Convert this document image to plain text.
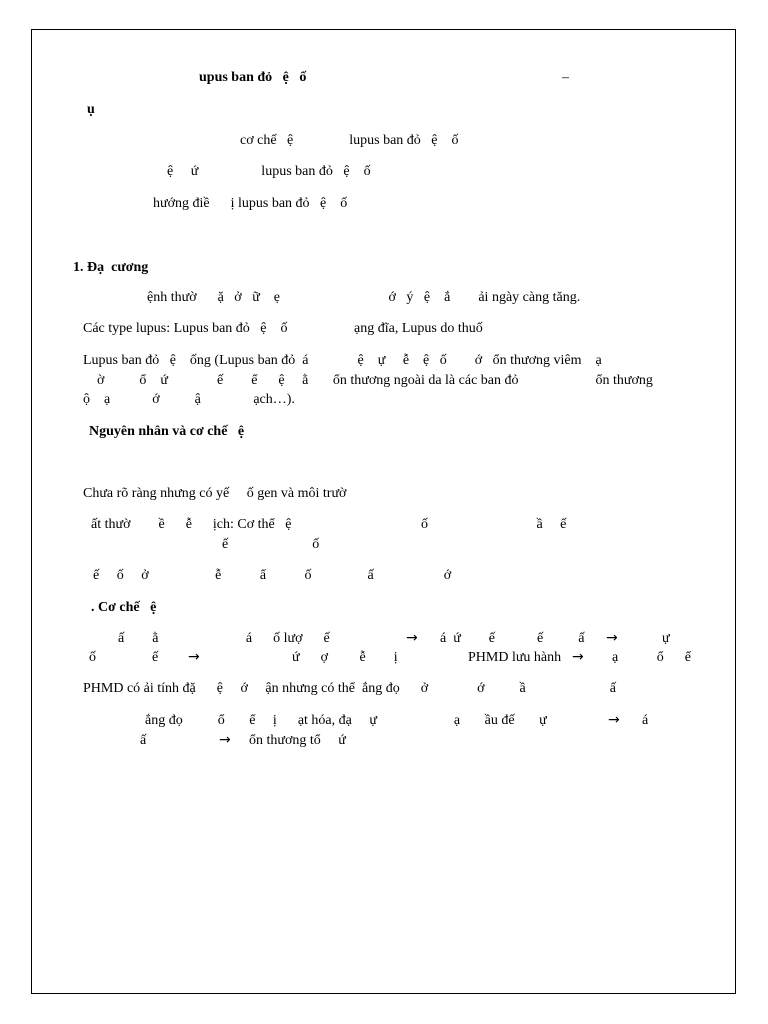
upus ban đỏ   ệ   ố	–
ụ
cơ chế   ệ                lupus ban đỏ   ệ    ố
ệ     ứ                  lupus ban đỏ   ệ    ố
hướng điề      ị lupus ban đỏ   ệ    ố
1. Đạ  cương
ệnh thườ      ặ   ở   ữ    ẹ                               ớ   ý   ệ    ắ        ải ngày càng tăng.
Các type lupus: Lupus ban đỏ   ệ    ố                   ạng đĩa, Lupus do thuố
Lupus ban đỏ   ệ    ống (Lupus ban đỏ  á              ệ    ự     ễ    ệ   ố        ớ   ổn thương viêm    ạ
ờ          ổ    ứ              ế        ể      ệ     ằ       ổn thương ngoài da là các ban đỏ                      ổn thương
ộ    ạ            ớ          ậ               ạch…).
Nguyên nhân và cơ chế   ệ
Chưa rõ ràng nhưng có yế     ố gen và môi trườ
ất thườ        ề      ễ      ịch: Cơ thể   ệ                                     ố                               ầ     ế
ế                        ố
ế     ố     ở                   ễ           ẩ           ố                ấ                    ớ
. Cơ chế   ệ
ấ        ằ                         á      ố lượ      ế	→ á  ứ        ế            ế          ấ →	ự
ố                ế →	ứ      ợ         ễ        ị	PHMD lưu hành → ạ           ổ      ể
PHMD có ải tính đặ      ệ     ớ     ận nhưng có thể  ắng đọ      ở              ớ          ầ                        ấ
ắng đọ          ổ       ể     ị      ạt hóa, đạ     ự                      ạ       ầu đế       ự	→ á
ấ	→ ổn thương tổ     ứ
